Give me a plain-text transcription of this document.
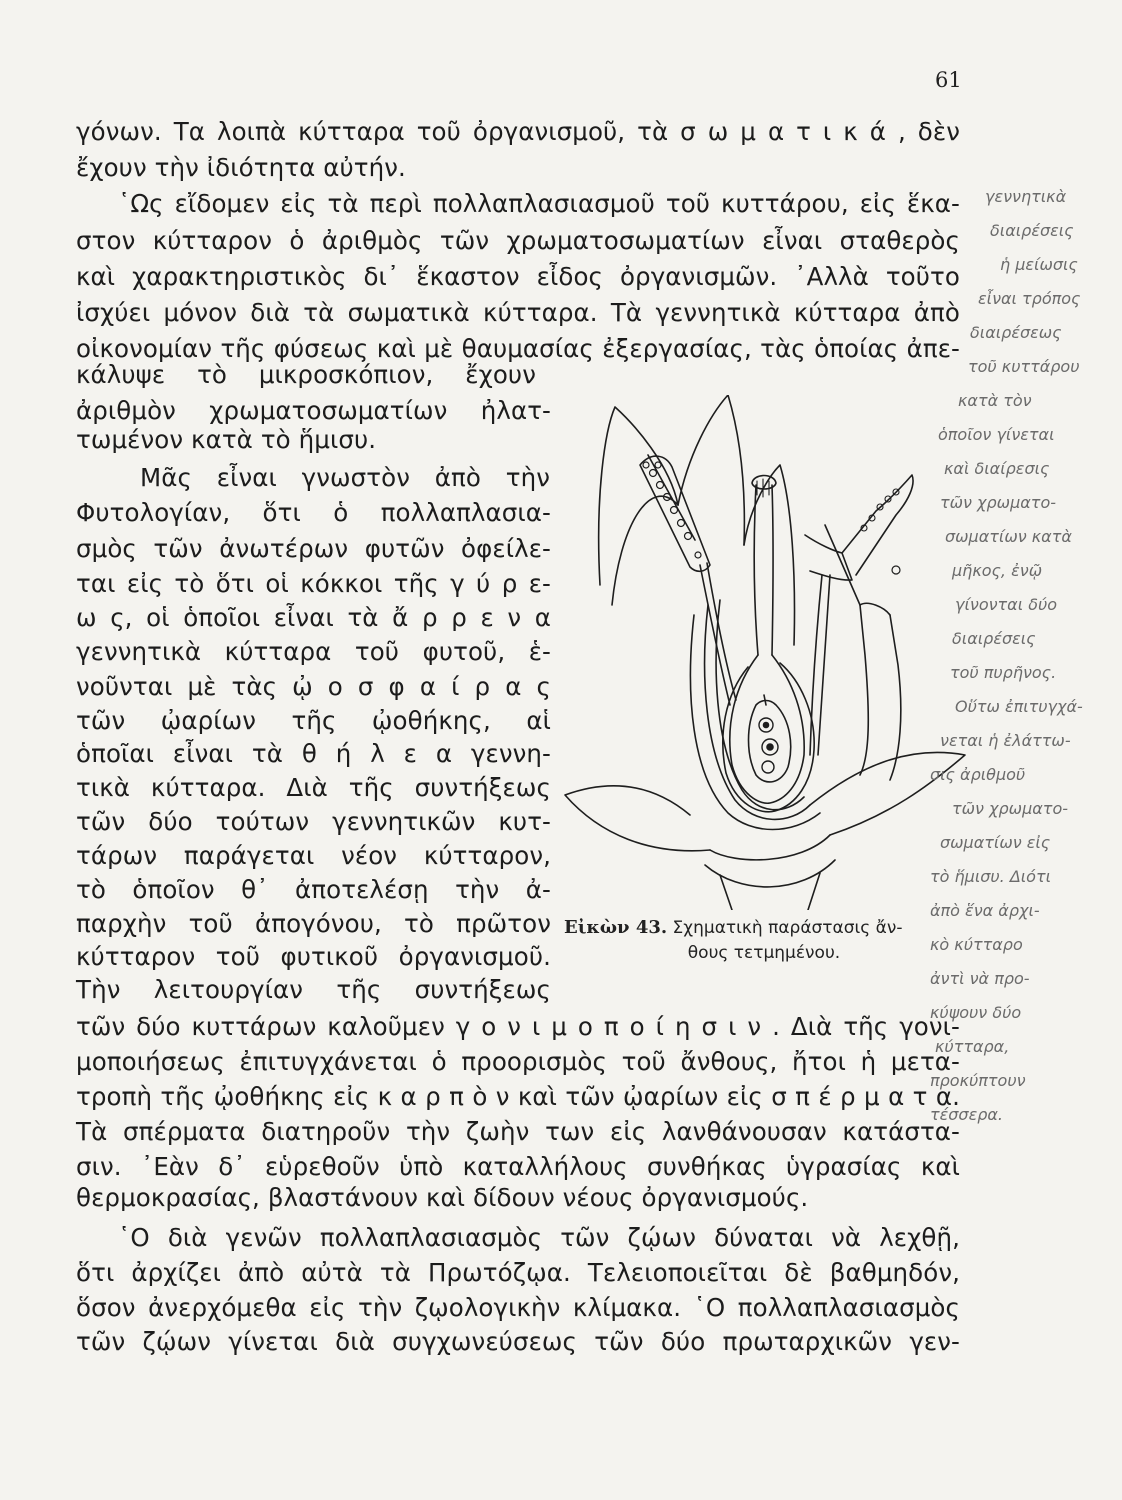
61
γόνων. Τα λοιπὰ κύτταρα τοῦ ὀργανισμοῦ, τὰ σ ω μ α τ ι κ ά , δὲν
ἔχουν τὴν ἰδιότητα αὐτήν.
῾Ως εἴδομεν εἰς τὰ περὶ πολλαπλασιασμοῦ τοῦ κυττάρου, εἰς ἕκα-
στον κύτταρον ὁ ἀριθμὸς τῶν χρωματοσωματίων εἶναι σταθερὸς
καὶ χαρακτηριστικὸς δι᾿ ἕκαστον εἶδος ὀργανισμῶν. ᾿Αλλὰ τοῦτο
ἰσχύει μόνον διὰ τὰ σωματικὰ κύτταρα. Τὰ γεννητικὰ κύτταρα ἀπὸ
οἰκονομίαν τῆς φύσεως καὶ μὲ θαυμασίας ἐξεργασίας, τὰς ὁποίας ἀπε-
κάλυψε τὸ μικροσκόπιον, ἔχουν
ἀριθμὸν χρωματοσωματίων ἠλατ-
τωμένον κατὰ τὸ ἥμισυ.
Μᾶς εἶναι γνωστὸν ἀπὸ τὴν
Φυτολογίαν, ὅτι ὁ πολλαπλασια-
σμὸς τῶν ἀνωτέρων φυτῶν ὀφείλε-
ται εἰς τὸ ὅτι οἱ κόκκοι τῆς γ ύ ρ ε-
ω ς, οἱ ὁποῖοι εἶναι τὰ ἄ ρ ρ ε ν α
γεννητικὰ κύτταρα τοῦ φυτοῦ, ἑ-
νοῦνται μὲ τὰς ᾠ ο σ φ α ί ρ α ς
τῶν ᾠαρίων τῆς ᾠοθήκης, αἱ
ὁποῖαι εἶναι τὰ θ ή λ ε α γεννη-
τικὰ κύτταρα. Διὰ τῆς συντήξεως
τῶν δύο τούτων γεννητικῶν κυτ-
τάρων παράγεται νέον κύτταρον,
τὸ ὁποῖον θ᾿ ἀποτελέσῃ τὴν ἀ-
παρχὴν τοῦ ἀπογόνου, τὸ πρῶτον
κύτταρον τοῦ φυτικοῦ ὀργανισμοῦ.
Τὴν λειτουργίαν τῆς συντήξεως
τῶν δύο κυττάρων καλοῦμεν γ ο ν ι μ ο π ο ί η σ ι ν . Διὰ τῆς γονι-
μοποιήσεως ἐπιτυγχάνεται ὁ προορισμὸς τοῦ ἄνθους, ἤτοι ἡ μετα-
τροπὴ τῆς ᾠοθήκης εἰς κ α ρ π ὸ ν καὶ τῶν ᾠαρίων εἰς σ π έ ρ μ α τ α.
Τὰ σπέρματα διατηροῦν τὴν ζωὴν των εἰς λανθάνουσαν κατάστα-
σιν. ᾿Εὰν δ᾿ εὑρεθοῦν ὑπὸ καταλλήλους συνθήκας ὑγρασίας καὶ
θερμοκρασίας, βλαστάνουν καὶ δίδουν νέους ὀργανισμούς.
῾Ο διὰ γενῶν πολλαπλασιασμὸς τῶν ζῴων δύναται νὰ λεχθῇ,
ὅτι ἀρχίζει ἀπὸ αὐτὰ τὰ Πρωτόζῳα. Τελειοποιεῖται δὲ βαθμηδόν,
ὅσον ἀνερχόμεθα εἰς τὴν ζῳολογικὴν κλίμακα. ῾Ο πολλαπλασιασμὸς
τῶν ζῴων γίνεται διὰ συγχωνεύσεως τῶν δύο πρωταρχικῶν γεν-
Εἰκὼν 43. Σχηματικὴ παράστασις ἄν-
θους τετμημένου.
γεννητικὰ
διαιρέσεις
ἡ μείωσις
εἶναι τρόπος
διαιρέσεως
τοῦ κυττάρου
κατὰ τὸν
ὁποῖον γίνεται
καὶ διαίρεσις
τῶν χρωματο-
σωματίων κατὰ
μῆκος, ἐνῷ
γίνονται δύο
διαιρέσεις
τοῦ πυρῆνος.
Οὕτω ἐπιτυγχά-
νεται ἡ ἐλάττω-
σις ἀριθμοῦ
τῶν χρωματο-
σωματίων εἰς
τὸ ἥμισυ. Διότι
ἀπὸ ἕνα ἀρχι-
κὸ κύτταρο
ἀντὶ νὰ προ-
κύψουν δύο
κύτταρα,
προκύπτουν
τέσσερα.
